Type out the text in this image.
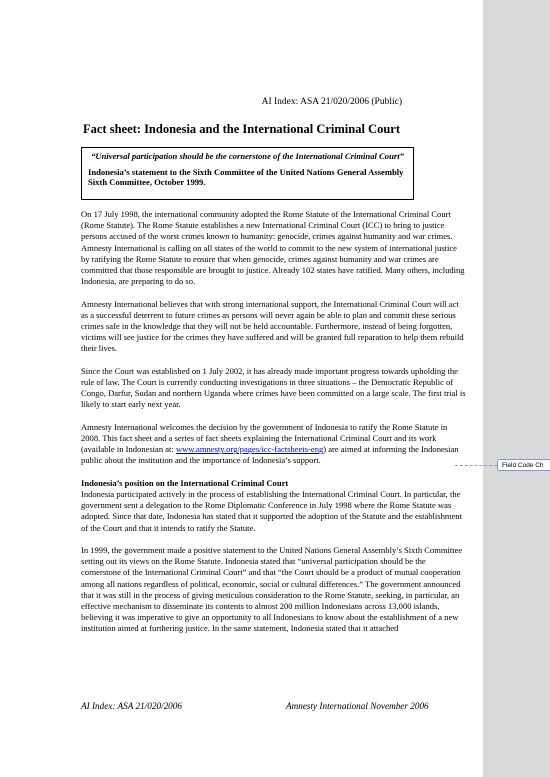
AI Index: ASA 21/020/2006 (Public)
Fact sheet: Indonesia and the International Criminal Court
“Universal participation should be the cornerstone of the International Criminal Court”
Indonesia’s statement to the Sixth Committee of the United Nations General Assembly Sixth Committee, October 1999.

On 17 July 1998, the international community adopted the Rome Statute of the International Criminal Court (Rome Statute). The Rome Statute establishes a new International Criminal Court (ICC) to bring to justice persons accused of the worst crimes known to humanity: genocide, crimes against humanity and war crimes. Amnesty International is calling on all states of the world to commit to the new system of international justice by ratifying the Rome Statute to ensure that when genocide, crimes against humanity and war crimes are committed that those responsible are brought to justice. Already 102 states have ratified. Many others, including Indonesia, are preparing to do so.

Amnesty International believes that with strong international support, the International Criminal Court will act as a successful deterrent to future crimes as persons will never again be able to plan and commit these serious crimes safe in the knowledge that they will not be held accountable. Furthermore, instead of being forgotten, victims will see justice for the crimes they have suffered and will be granted full reparation to help them rebuild their lives.

Since the Court was established on 1 July 2002, it has already made important progress towards upholding the rule of law. The Court is currently conducting investigations in three situations – the Democratic Republic of Congo, Darfur, Sudan and northern Uganda where crimes have been committed on a large scale. The first trial is likely to start early next year.

Amnesty International welcomes the decision by the government of Indonesia to ratify the Rome Statute in 2008. This fact sheet and a series of fact sheets explaining the International Criminal Court and its work (available in Indonesian at: www.amnesty.org/pages/icc-factsheets-eng) are aimed at informing the Indonesian public about the institution and the importance of Indonesia’s support.

Indonesia’s position on the International Criminal Court
Indonesia participated actively in the process of establishing the International Criminal Court. In particular, the government sent a delegation to the Rome Diplomatic Conference in July 1998 where the Rome Statute was adopted. Since that date, Indonesia has stated that it supported the adoption of the Statute and the establishment of the Court and that it intends to ratify the Statute.

In 1999, the government made a positive statement to the United Nations General Assembly’s Sixth Committee setting out its views on the Rome Statute. Indonesia stated that “universal participation should be the cornerstone of the International Criminal Court” and that “the Court should be a product of mutual cooperation among all nations regardless of political, economic, social or cultural differences.” The government announced that it was still in the process of giving meticulous consideration to the Rome Statute, seeking, in particular, an effective mechanism to disseminate its contents to almost 200 million Indonesians across 13,000 islands, believing it was imperative to give an opportunity to all Indonesians to know about the establishment of a new institution aimed at furthering justice. In the same statement, Indonesia stated that it attached

AI Index: ASA 21/020/2006	Amnesty International November 2006
Field Code Ch
